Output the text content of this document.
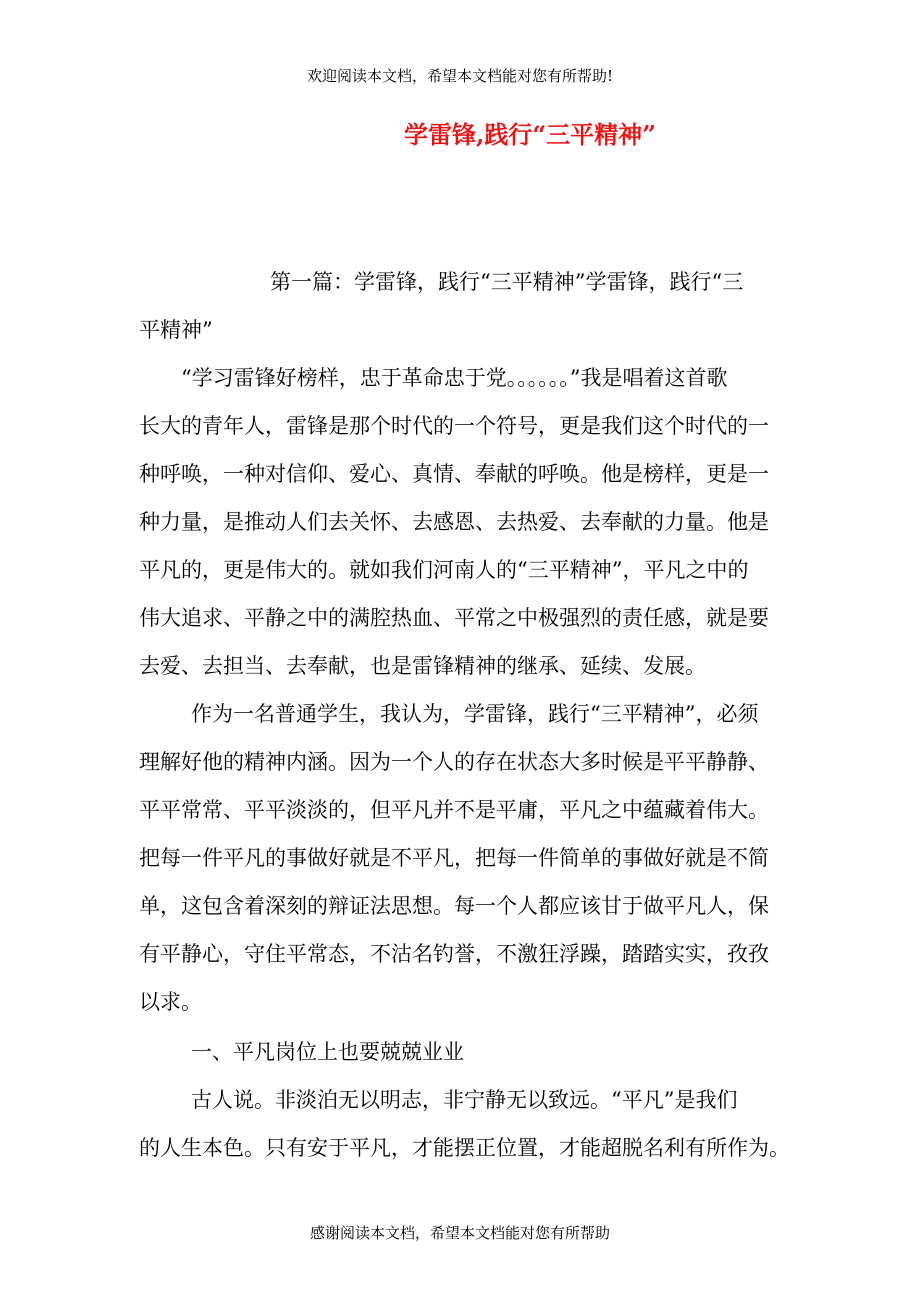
欢迎阅读本文档，希望本文档能对您有所帮助!
学雷锋,践行“三平精神”
第一篇：学雷锋，践行“三平精神”学雷锋，践行“三
平精神”
“学习雷锋好榜样，忠于革命忠于党。。。。。。”我是唱着这首歌
长大的青年人，雷锋是那个时代的一个符号，更是我们这个时代的一
种呼唤，一种对信仰、爱心、真情、奉献的呼唤。他是榜样，更是一
种力量，是推动人们去关怀、去感恩、去热爱、去奉献的力量。他是
平凡的，更是伟大的。就如我们河南人的“三平精神”，平凡之中的
伟大追求、平静之中的满腔热血、平常之中极强烈的责任感，就是要
去爱、去担当、去奉献，也是雷锋精神的继承、延续、发展。
作为一名普通学生，我认为，学雷锋，践行“三平精神”，必须
理解好他的精神内涵。因为一个人的存在状态大多时候是平平静静、
平平常常、平平淡淡的，但平凡并不是平庸，平凡之中蕴藏着伟大。
把每一件平凡的事做好就是不平凡，把每一件简单的事做好就是不简
单，这包含着深刻的辩证法思想。每一个人都应该甘于做平凡人，保
有平静心，守住平常态，不沽名钓誉，不激狂浮躁，踏踏实实，孜孜
以求。
一、平凡岗位上也要兢兢业业
古人说。非淡泊无以明志，非宁静无以致远。“平凡”是我们
的人生本色。只有安于平凡，才能摆正位置，才能超脱名利有所作为。
感谢阅读本文档，希望本文档能对您有所帮助
